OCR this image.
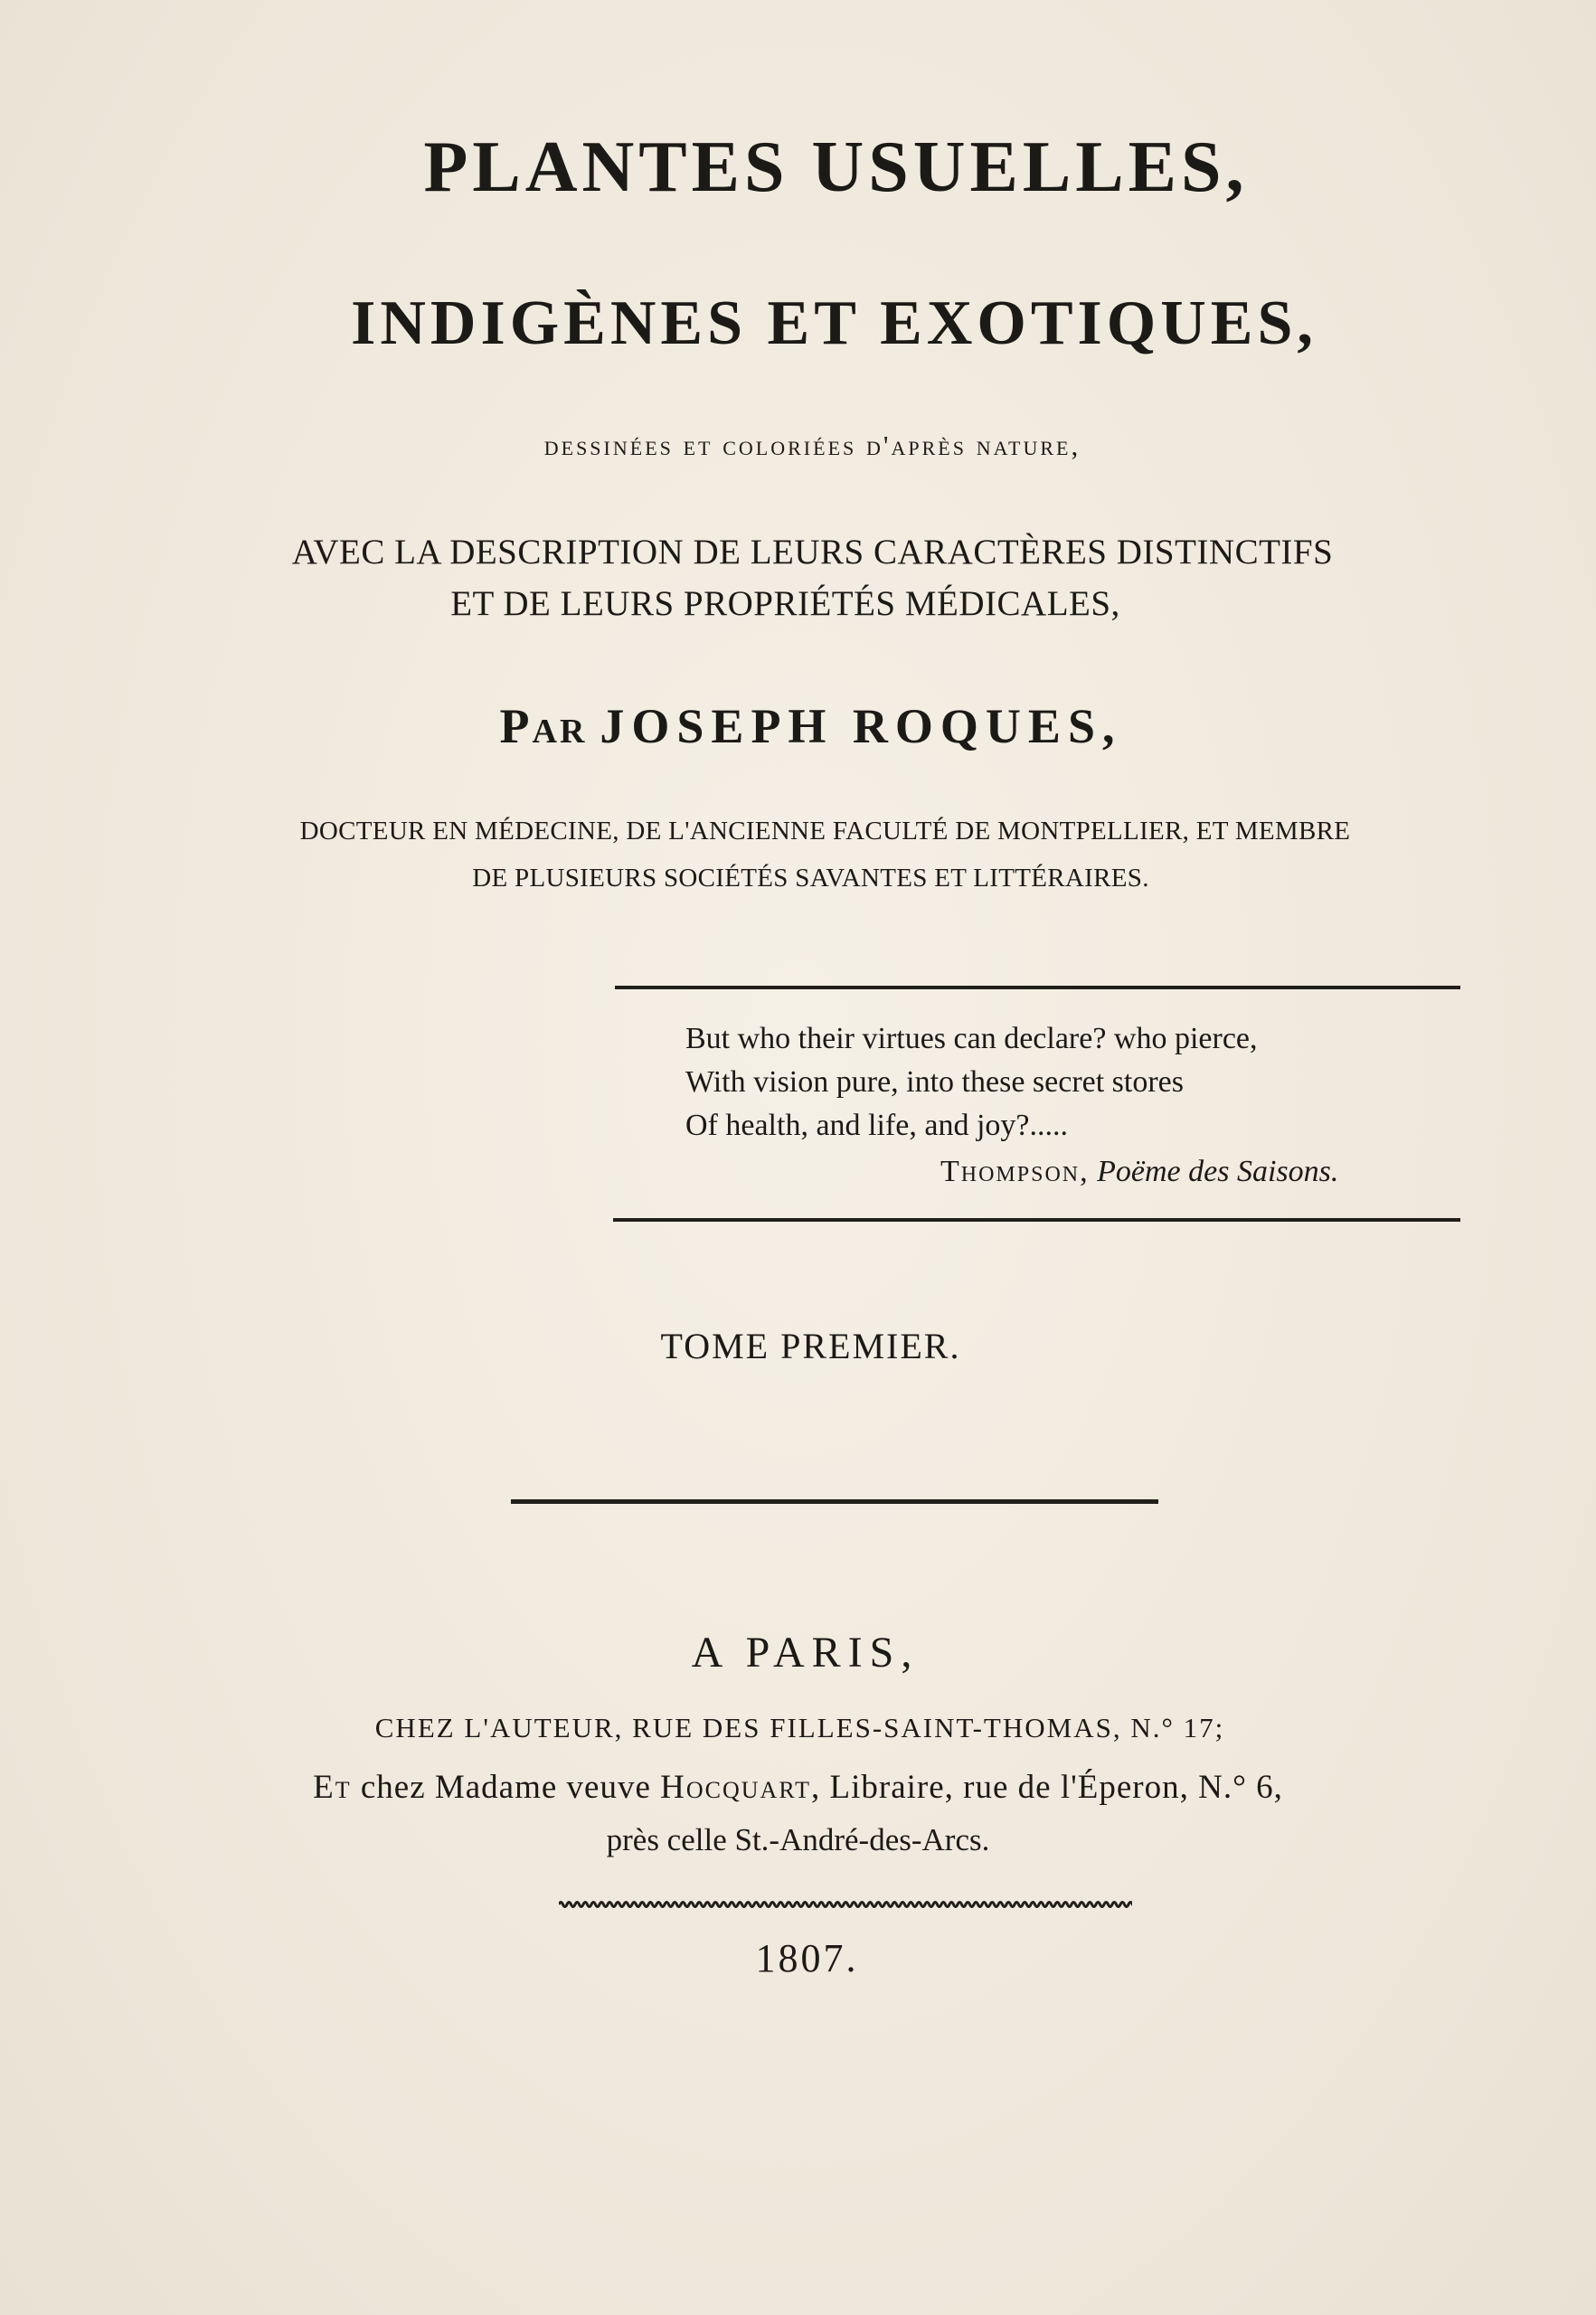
PLANTES USUELLES,
INDIGÈNES ET EXOTIQUES,
dessinées et coloriées d'après nature,
AVEC LA DESCRIPTION DE LEURS CARACTÈRES DISTINCTIFS
ET DE LEURS PROPRIÉTÉS MÉDICALES,
Par JOSEPH ROQUES,
DOCTEUR EN MÉDECINE, DE L'ANCIENNE FACULTÉ DE MONTPELLIER, ET MEMBRE
DE PLUSIEURS SOCIÉTÉS SAVANTES ET LITTÉRAIRES.
But who their virtues can declare? who pierce,
With vision pure, into these secret stores
Of health, and life, and joy?.....
Thompson, Poëme des Saisons.
TOME PREMIER.
A PARIS,
CHEZ L'AUTEUR, RUE DES FILLES-SAINT-THOMAS, N.° 17;
Et chez Madame veuve Hocquart, Libraire, rue de l'Éperon, N.° 6,
près celle St.-André-des-Arcs.
1807.
